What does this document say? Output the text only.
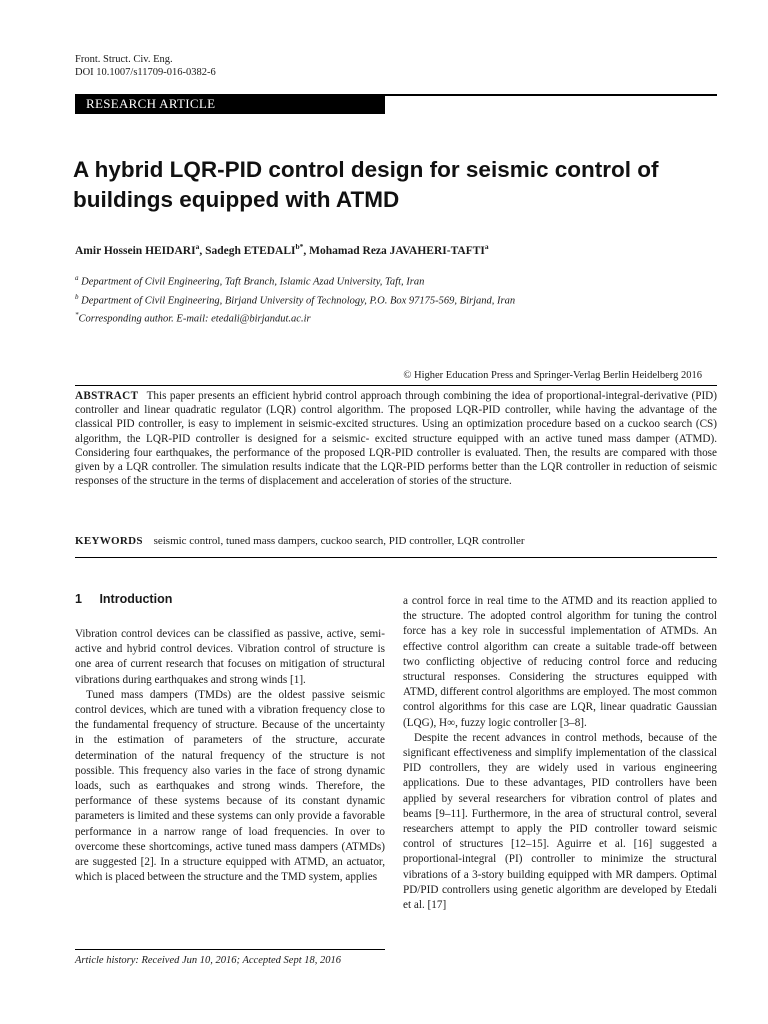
Front. Struct. Civ. Eng.
DOI 10.1007/s11709-016-0382-6
RESEARCH ARTICLE
A hybrid LQR-PID control design for seismic control of buildings equipped with ATMD
Amir Hossein HEIDARI$^a$, Sadegh $ETEDALI^{b*}$, Mohamad Reza JAVAHERI-TAFTI$^a$
$^a$ Department of Civil Engineering, Taft Branch, Islamic Azad University, Taft, Iran
$^b$ Department of Civil Engineering, Birjand University of Technology, P.O. Box 97175-569, Birjand, Iran
*Corresponding author. E-mail: etedali@birjandut.ac.ir
© Higher Education Press and Springer-Verlag Berlin Heidelberg 2016
ABSTRACT This paper presents an efficient hybrid control approach through combining the idea of proportional-integral-derivative (PID) controller and linear quadratic regulator (LQR) control algorithm. The proposed LQR-PID controller, while having the advantage of the classical PID controller, is easy to implement in seismic-excited structures. Using an optimization procedure based on a cuckoo search (CS) algorithm, the LQR-PID controller is designed for a seismic- excited structure equipped with an active tuned mass damper (ATMD). Considering four earthquakes, the performance of the proposed LQR-PID controller is evaluated. Then, the results are compared with those given by a LQR controller. The simulation results indicate that the LQR-PID performs better than the LQR controller in reduction of seismic responses of the structure in the terms of displacement and acceleration of stories of the structure.
KEYWORDS seismic control, tuned mass dampers, cuckoo search, PID controller, LQR controller
1 Introduction

Vibration control devices can be classified as passive, active, semi-active and hybrid control devices. Vibration control of structure is one area of current research that focuses on mitigation of structural vibrations during earthquakes and strong winds [1].

Tuned mass dampers (TMDs) are the oldest passive seismic control devices, which are tuned with a vibration frequency close to the fundamental frequency of structure. Because of the uncertainty in the estimation of parameters of the structure, accurate determination of the natural frequency of the structure is not possible. This frequency also varies in the face of strong dynamic loads, such as earthquakes and strong winds. Therefore, the performance of these systems because of its constant dynamic parameters is limited and these systems can only provide a favorable performance in a narrow range of load frequencies. In over to overcome these shortcomings, active tuned mass dampers (ATMDs) are suggested [2]. In a structure equipped with ATMD, an actuator, which is placed between the structure and the TMD system, applies

a control force in real time to the ATMD and its reaction applied to the structure. The adopted control algorithm for tuning the control force has a key role in successful implementation of ATMDs. An effective control algorithm can create a suitable trade-off between two conflicting objective of reducing control force and reducing structural responses. Considering the structures equipped with ATMD, different control algorithms are employed. The most common control algorithms for this case are LQR, linear quadratic Gaussian (LQG), H∞, fuzzy logic controller [3–8].

Despite the recent advances in control methods, because of the significant effectiveness and simplify implementation of the classical PID controllers, they are widely used in various engineering applications. Due to these advantages, PID controllers have been applied by several researchers for vibration control of plates and beams [9–11]. Furthermore, in the area of structural control, several researchers attempt to apply the PID controller toward seismic control of structures [12–15]. Aguirre et al. [16] suggested a proportional-integral (PI) controller to minimize the structural vibrations of a 3-story building equipped with MR dampers. Optimal PD/PID controllers using genetic algorithm are developed by Etedali et al. [17]

Article history: Received Jun 10, 2016; Accepted Sept 18, 2016
